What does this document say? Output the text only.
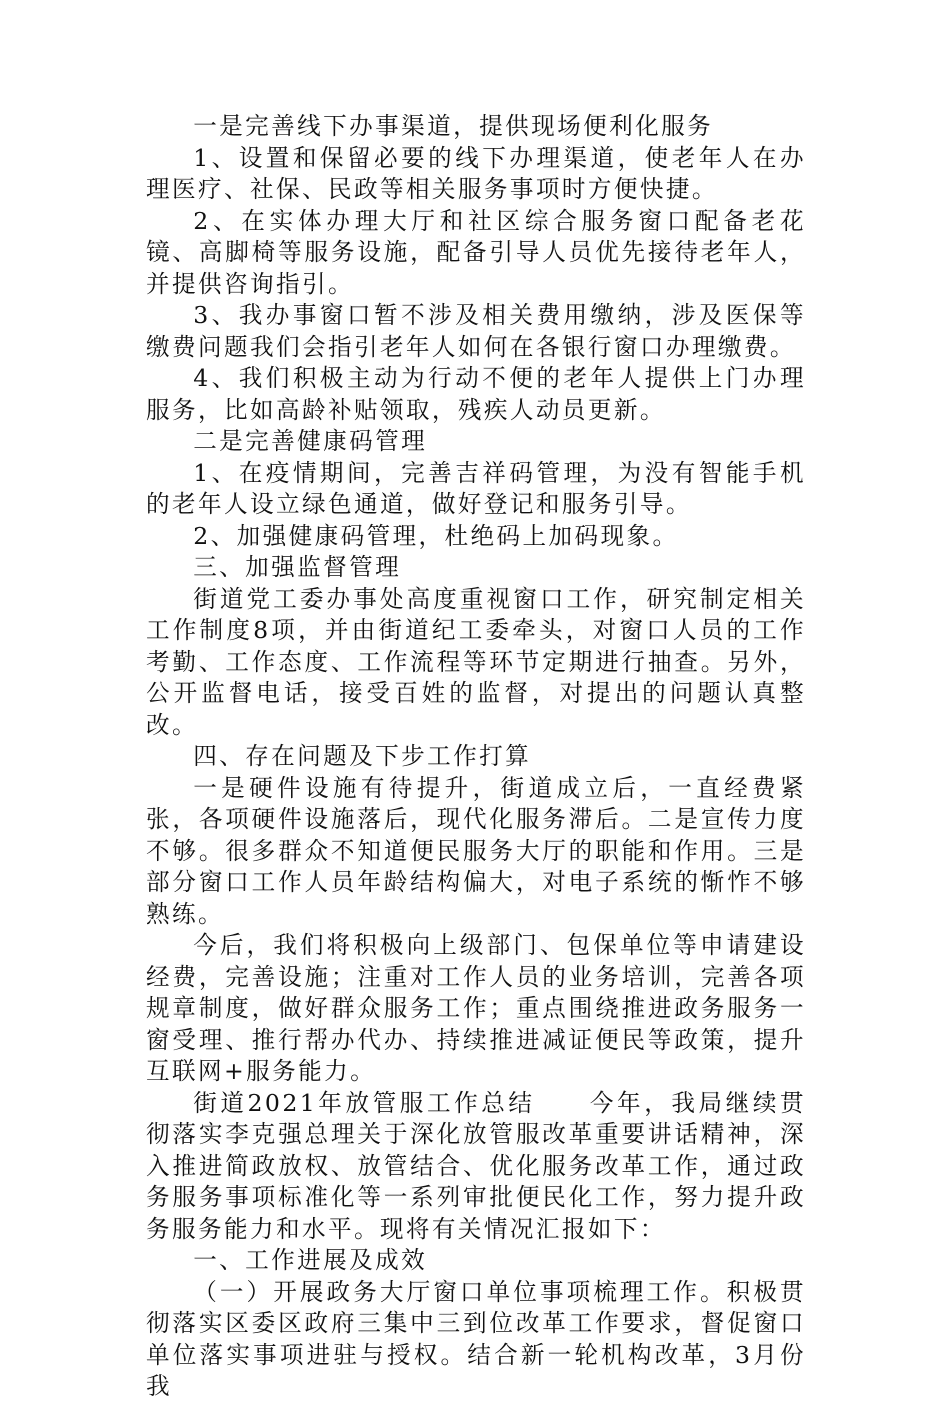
一是完善线下办事渠道，提供现场便利化服务

1、设置和保留必要的线下办理渠道，使老年人在办理医疗、社保、民政等相关服务事项时方便快捷。

2、在实体办理大厅和社区综合服务窗口配备老花镜、高脚椅等服务设施，配备引导人员优先接待老年人，并提供咨询指引。

3、我办事窗口暂不涉及相关费用缴纳，涉及医保等缴费问题我们会指引老年人如何在各银行窗口办理缴费。

4、我们积极主动为行动不便的老年人提供上门办理服务，比如高龄补贴领取，残疾人动员更新。

二是完善健康码管理

1、在疫情期间，完善吉祥码管理，为没有智能手机的老年人设立绿色通道，做好登记和服务引导。

2、加强健康码管理，杜绝码上加码现象。

三、加强监督管理

街道党工委办事处高度重视窗口工作，研究制定相关工作制度8项，并由街道纪工委牵头，对窗口人员的工作考勤、工作态度、工作流程等环节定期进行抽查。另外，公开监督电话，接受百姓的监督，对提出的问题认真整改。

四、存在问题及下步工作打算

一是硬件设施有待提升，街道成立后，一直经费紧张，各项硬件设施落后，现代化服务滞后。二是宣传力度不够。很多群众不知道便民服务大厅的职能和作用。三是部分窗口工作人员年龄结构偏大，对电子系统的惭怍不够熟练。

今后，我们将积极向上级部门、包保单位等申请建设经费，完善设施；注重对工作人员的业务培训，完善各项规章制度，做好群众服务工作；重点围绕推进政务服务一窗受理、推行帮办代办、持续推进减证便民等政策，提升互联网+服务能力。

街道2021年放管服工作总结　　今年，我局继续贯彻落实李克强总理关于深化放管服改革重要讲话精神，深入推进简政放权、放管结合、优化服务改革工作，通过政务服务事项标准化等一系列审批便民化工作，努力提升政务服务能力和水平。现将有关情况汇报如下：

一、工作进展及成效

（一）开展政务大厅窗口单位事项梳理工作。积极贯彻落实区委区政府三集中三到位改革工作要求，督促窗口单位落实事项进驻与授权。结合新一轮机构改革，3月份我
